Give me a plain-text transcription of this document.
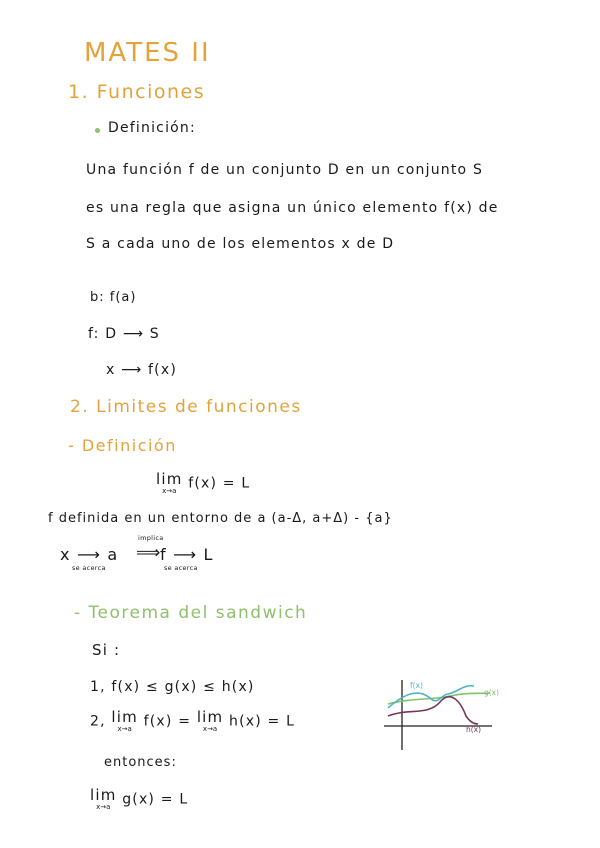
MATES II
1. Funciones
Definición:
Una función f de un conjunto D en un conjunto S
es una regla que asigna un único elemento f(x) de
S a cada uno de los elementos x de D
b: f(a)
f: D ⟶ S
x ⟶ f(x)
2. Limites de funciones
- Definición
lim
x→a f(x) = L
f definida en un entorno de a (a-Δ, a+Δ) - {a}
x ⟶ a
se acerca
implica
⟹
f ⟶ L
se acerca
- Teorema del sandwich
Si :
1, f(x) ≤ g(x) ≤ h(x)
2, lim
x→a f(x) = lim
x→a h(x) = L
entonces:
lim
x→a g(x) = L
f(x)
g(x)
h(x)
